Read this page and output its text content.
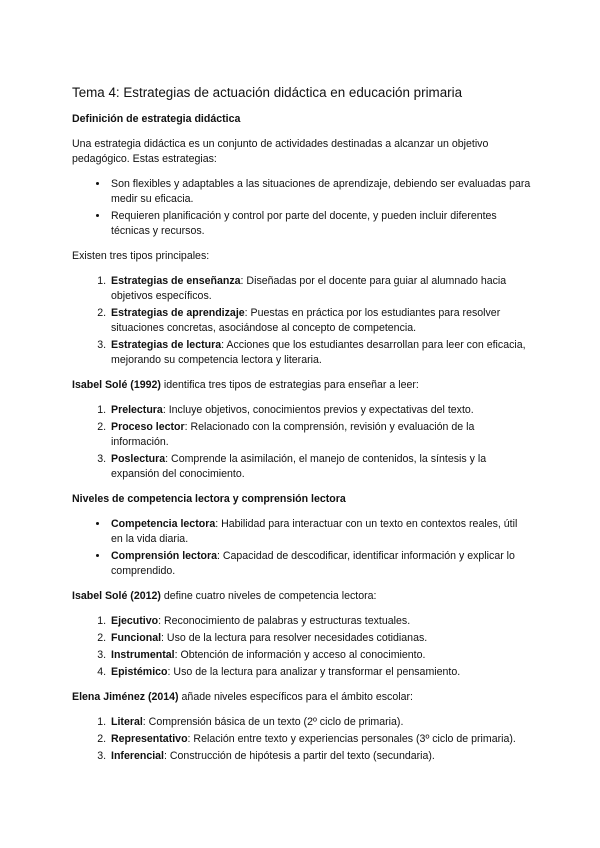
Tema 4: Estrategias de actuación didáctica en educación primaria
Definición de estrategia didáctica

Una estrategia didáctica es un conjunto de actividades destinadas a alcanzar un objetivo pedagógico. Estas estrategias:

• Son flexibles y adaptables a las situaciones de aprendizaje, debiendo ser evaluadas para medir su eficacia.
• Requieren planificación y control por parte del docente, y pueden incluir diferentes técnicas y recursos.

Existen tres tipos principales:

1. Estrategias de enseñanza: Diseñadas por el docente para guiar al alumnado hacia objetivos específicos.
2. Estrategias de aprendizaje: Puestas en práctica por los estudiantes para resolver situaciones concretas, asociándose al concepto de competencia.
3. Estrategias de lectura: Acciones que los estudiantes desarrollan para leer con eficacia, mejorando su competencia lectora y literaria.

Isabel Solé (1992) identifica tres tipos de estrategias para enseñar a leer:

1. Prelectura: Incluye objetivos, conocimientos previos y expectativas del texto.
2. Proceso lector: Relacionado con la comprensión, revisión y evaluación de la información.
3. Poslectura: Comprende la asimilación, el manejo de contenidos, la síntesis y la expansión del conocimiento.
Niveles de competencia lectora y comprensión lectora
• Competencia lectora: Habilidad para interactuar con un texto en contextos reales, útil en la vida diaria.
• Comprensión lectora: Capacidad de descodificar, identificar información y explicar lo comprendido.

Isabel Solé (2012) define cuatro niveles de competencia lectora:

1. Ejecutivo: Reconocimiento de palabras y estructuras textuales.
2. Funcional: Uso de la lectura para resolver necesidades cotidianas.
3. Instrumental: Obtención de información y acceso al conocimiento.
4. Epistémico: Uso de la lectura para analizar y transformar el pensamiento.

Elena Jiménez (2014) añade niveles específicos para el ámbito escolar:

1. Literal: Comprensión básica de un texto (2º ciclo de primaria).
2. Representativo: Relación entre texto y experiencias personales (3º ciclo de primaria).
3. Inferencial: Construcción de hipótesis a partir del texto (secundaria).
